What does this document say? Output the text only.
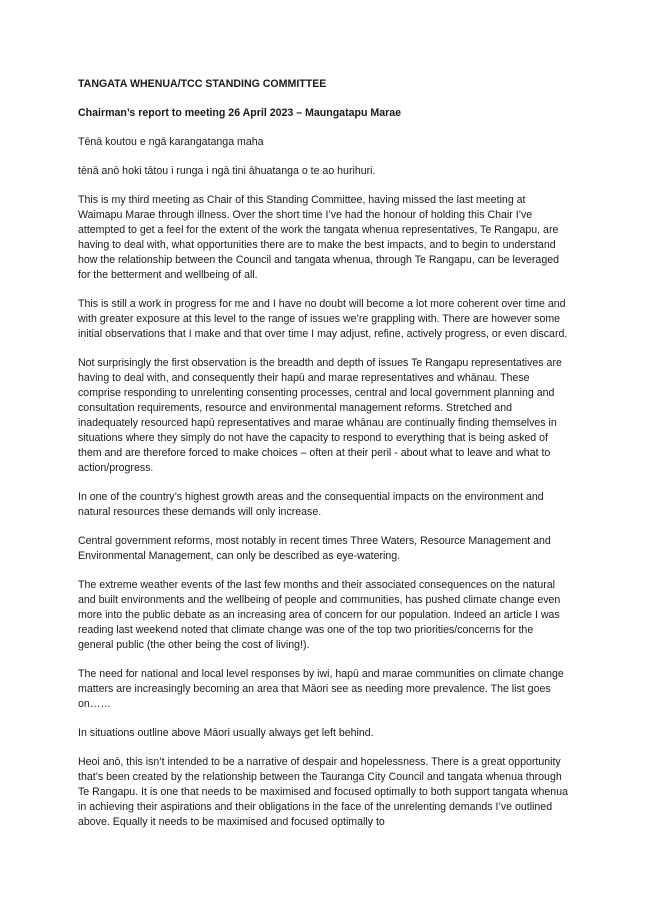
TANGATA WHENUA/TCC STANDING COMMITTEE
Chairman’s report to meeting 26 April 2023 – Maungatapu Marae
Tēnā koutou e ngā karangatanga maha
tēnā anō hoki tātou i runga i ngā tini āhuatanga o te ao hurihuri.
This is my third meeting as Chair of this Standing Committee, having missed the last meeting at Waimapu Marae through illness. Over the short time I’ve had the honour of holding this Chair I’ve attempted to get a feel for the extent of the work the tangata whenua representatives, Te Rangapu, are having to deal with, what opportunities there are to make the best impacts, and to begin to understand how the relationship between the Council and tangata whenua, through Te Rangapu, can be leveraged for the betterment and wellbeing of all.
This is still a work in progress for me and I have no doubt will become a lot more coherent over time and with greater exposure at this level to the range of issues we’re grappling with. There are however some initial observations that I make and that over time I may adjust, refine, actively progress, or even discard.
Not surprisingly the first observation is the breadth and depth of issues Te Rangapu representatives are having to deal with, and consequently their hapū and marae representatives and whānau. These comprise responding to unrelenting consenting processes, central and local government planning and consultation requirements, resource and environmental management reforms. Stretched and inadequately resourced hapū representatives and marae whānau are continually finding themselves in situations where they simply do not have the capacity to respond to everything that is being asked of them and are therefore forced to make choices – often at their peril - about what to leave and what to action/progress.
In one of the country’s highest growth areas and the consequential impacts on the environment and natural resources these demands will only increase.
Central government reforms, most notably in recent times Three Waters, Resource Management and Environmental Management, can only be described as eye-watering.
The extreme weather events of the last few months and their associated consequences on the natural and built environments and the wellbeing of people and communities, has pushed climate change even more into the public debate as an increasing area of concern for our population. Indeed an article I was reading last weekend noted that climate change was one of the top two priorities/concerns for the general public (the other being the cost of living!).
The need for national and local level responses by iwi, hapū and marae communities on climate change matters are increasingly becoming an area that Māori see as needing more prevalence. The list goes on……
In situations outline above Māori usually always get left behind.
Heoi anō, this isn’t intended to be a narrative of despair and hopelessness. There is a great opportunity that’s been created by the relationship between the Tauranga City Council and tangata whenua through Te Rangapu. It is one that needs to be maximised and focused optimally to both support tangata whenua in achieving their aspirations and their obligations in the face of the unrelenting demands I’ve outlined above. Equally it needs to be maximised and focused optimally to
